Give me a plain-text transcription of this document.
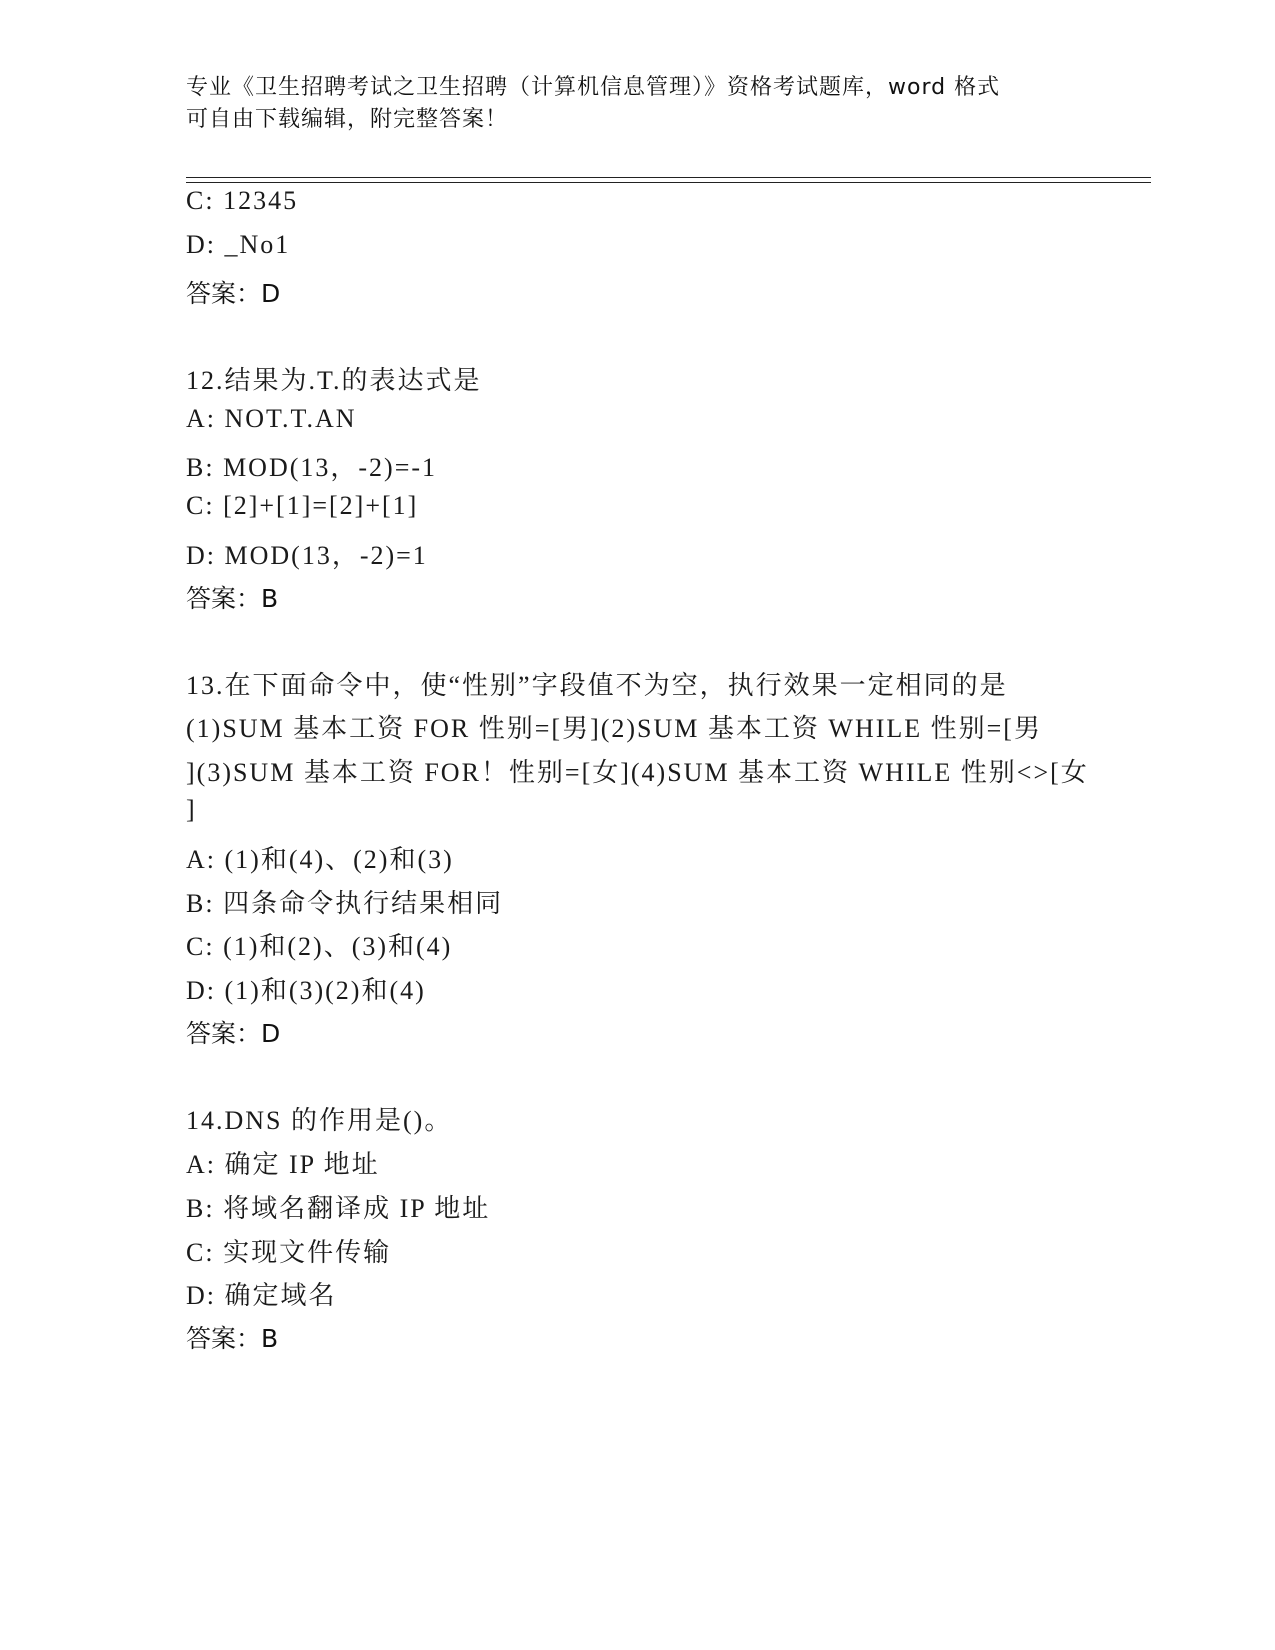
专业《卫生招聘考试之卫生招聘（计算机信息管理）》资格考试题库，word 格式
可自由下载编辑，附完整答案！
C: 12345
D: _No1
答案：D
12.结果为.T.的表达式是
A: NOT.T.AN
B: MOD(13，-2)=-1
C: [2]+[1]=[2]+[1]
D: MOD(13，-2)=1
答案：B
13.在下面命令中，使“性别”字段值不为空，执行效果一定相同的是
(1)SUM 基本工资 FOR 性别=[男](2)SUM 基本工资 WHILE 性别=[男
](3)SUM 基本工资 FOR！性别=[女](4)SUM 基本工资 WHILE 性别<>[女
]
A: (1)和(4)、(2)和(3)
B: 四条命令执行结果相同
C: (1)和(2)、(3)和(4)
D: (1)和(3)(2)和(4)
答案：D
14.DNS 的作用是()。
A: 确定 IP 地址
B: 将域名翻译成 IP 地址
C: 实现文件传输
D: 确定域名
答案：B
